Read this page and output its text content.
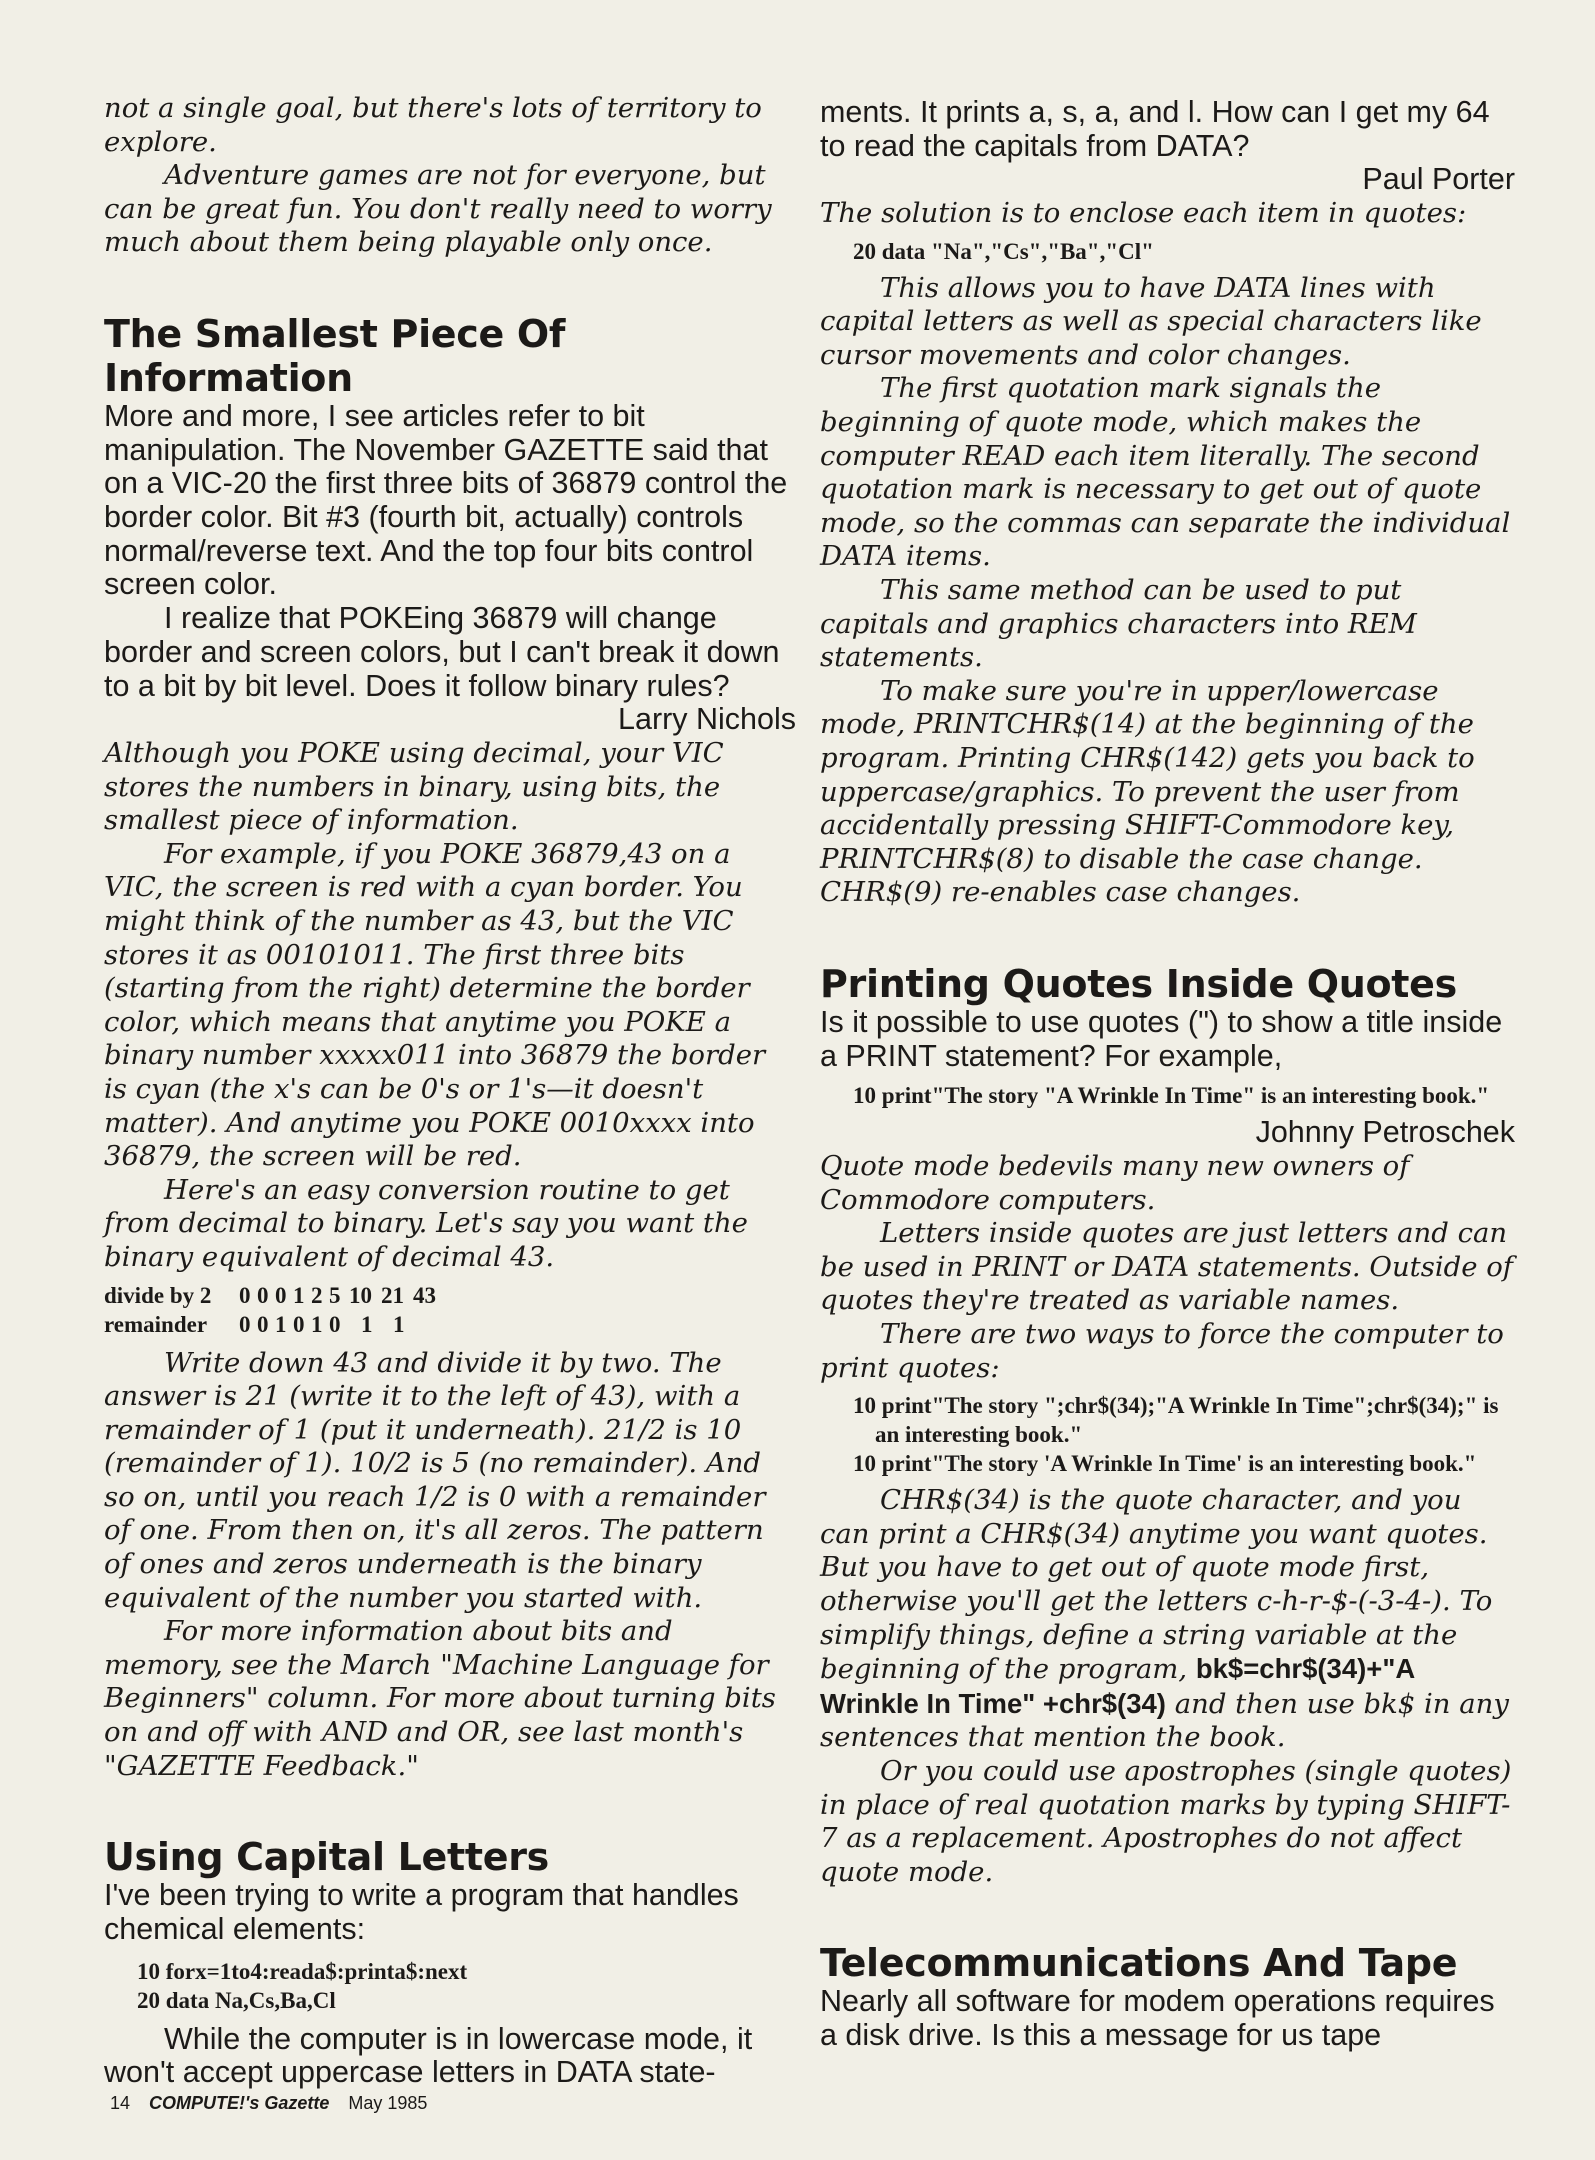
not a single goal, but there's lots of territory to explore.

Adventure games are not for everyone, but can be great fun. You don't really need to worry much about them being playable only once.

The Smallest Piece Of Information

More and more, I see articles refer to bit manipulation. The November GAZETTE said that on a VIC-20 the first three bits of 36879 control the border color. Bit #3 (fourth bit, actually) controls normal/reverse text. And the top four bits control screen color.

I realize that POKEing 36879 will change border and screen colors, but I can't break it down to a bit by bit level. Does it follow binary rules?

Larry Nichols

Although you POKE using decimal, your VIC stores the numbers in binary, using bits, the smallest piece of information.

For example, if you POKE 36879,43 on a VIC, the screen is red with a cyan border. You might think of the number as 43, but the VIC stores it as 00101011. The first three bits (starting from the right) determine the border color, which means that anytime you POKE a binary number xxxxx011 into 36879 the border is cyan (the x's can be 0's or 1's—it doesn't matter). And anytime you POKE 0010xxxx into 36879, the screen will be red.

Here's an easy conversion routine to get from decimal to binary. Let's say you want the binary equivalent of decimal 43.

divide by 2 0 0 0 1 2 5 10 21 43
remainder 0 0 1 0 1 0 1 1

Write down 43 and divide it by two. The answer is 21 (write it to the left of 43), with a remainder of 1 (put it underneath). 21/2 is 10 (remainder of 1). 10/2 is 5 (no remainder). And so on, until you reach 1/2 is 0 with a remainder of one. From then on, it's all zeros. The pattern of ones and zeros underneath is the binary equivalent of the number you started with.

For more information about bits and memory, see the March "Machine Language for Beginners" column. For more about turning bits on and off with AND and OR, see last month's "GAZETTE Feedback."

Using Capital Letters

I've been trying to write a program that handles chemical elements:

10 forx=1to4:reada$:printa$:next
20 data Na,Cs,Ba,Cl

While the computer is in lowercase mode, it won't accept uppercase letters in DATA state-

ments. It prints a, s, a, and l. How can I get my 64 to read the capitals from DATA?

Paul Porter

The solution is to enclose each item in quotes:

20 data "Na","Cs","Ba","Cl"

This allows you to have DATA lines with capital letters as well as special characters like cursor movements and color changes.

The first quotation mark signals the beginning of quote mode, which makes the computer READ each item literally. The second quotation mark is necessary to get out of quote mode, so the commas can separate the individual DATA items.

This same method can be used to put capitals and graphics characters into REM statements.

To make sure you're in upper/lowercase mode, PRINTCHR$(14) at the beginning of the program. Printing CHR$(142) gets you back to uppercase/graphics. To prevent the user from accidentally pressing SHIFT-Commodore key, PRINTCHR$(8) to disable the case change. CHR$(9) re-enables case changes.

Printing Quotes Inside Quotes

Is it possible to use quotes (") to show a title inside a PRINT statement? For example,

10 print"The story "A Wrinkle In Time" is an interesting book."

Johnny Petroschek

Quote mode bedevils many new owners of Commodore computers.

Letters inside quotes are just letters and can be used in PRINT or DATA statements. Outside of quotes they're treated as variable names.

There are two ways to force the computer to print quotes:

10 print"The story ";chr$(34);"A Wrinkle In Time";chr$(34);" is an interesting book."
10 print"The story 'A Wrinkle In Time' is an interesting book."

CHR$(34) is the quote character, and you can print a CHR$(34) anytime you want quotes. But you have to get out of quote mode first, otherwise you'll get the letters c-h-r-$-(-3-4-). To simplify things, define a string variable at the beginning of the program, bk$=chr$(34)+"A Wrinkle In Time" +chr$(34) and then use bk$ in any sentences that mention the book.

Or you could use apostrophes (single quotes) in place of real quotation marks by typing SHIFT-7 as a replacement. Apostrophes do not affect quote mode.

Telecommunications And Tape

Nearly all software for modem operations requires a disk drive. Is this a message for us tape

14 COMPUTE!'s Gazette May 1985
